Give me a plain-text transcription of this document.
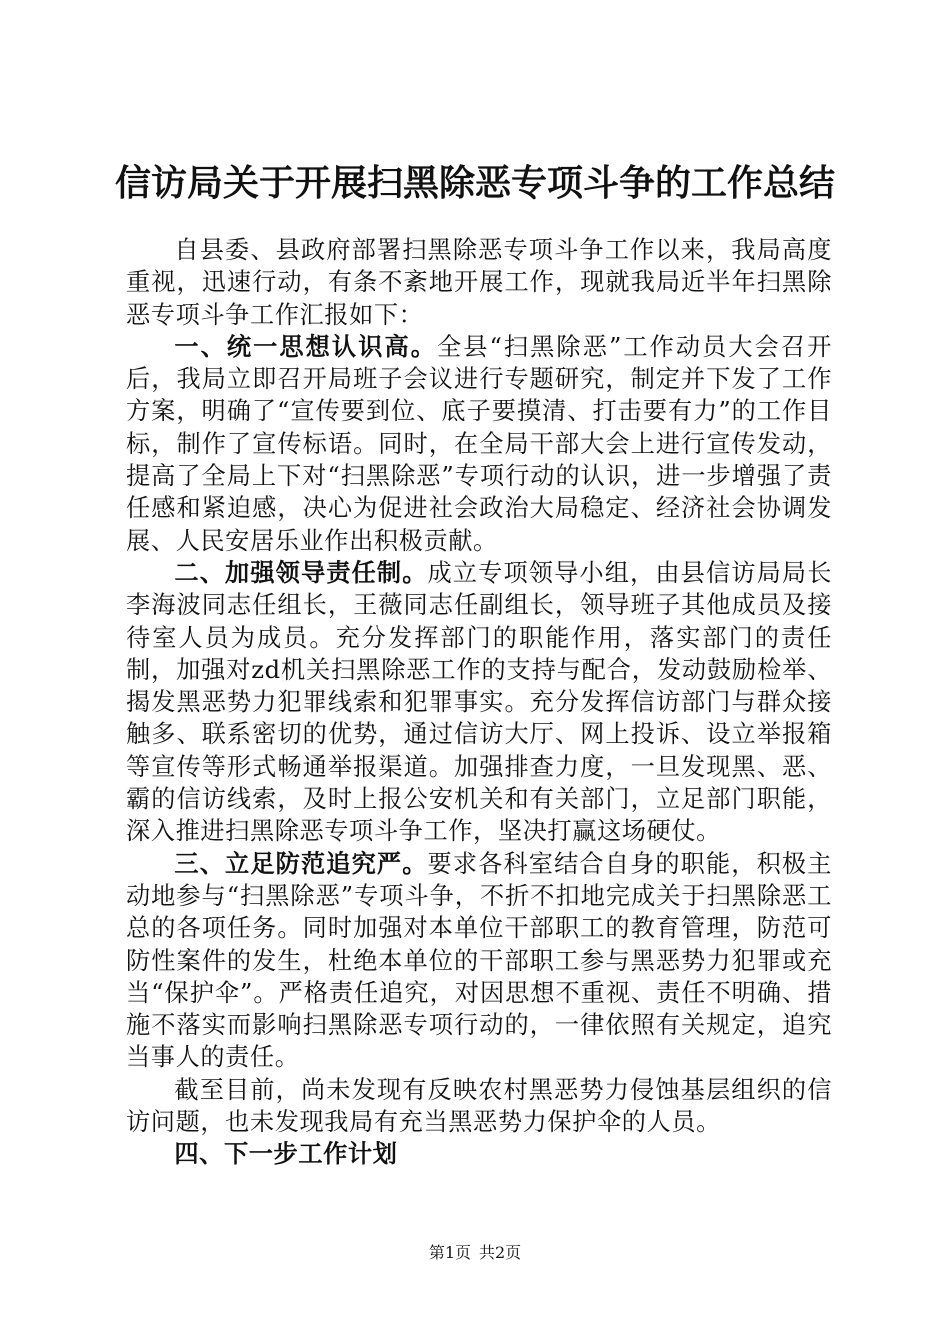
信访局关于开展扫黑除恶专项斗争的工作总结

自县委、县政府部署扫黑除恶专项斗争工作以来，我局高度重视，迅速行动，有条不紊地开展工作，现就我局近半年扫黑除恶专项斗争工作汇报如下：

一、统一思想认识高。全县“扫黑除恶”工作动员大会召开后，我局立即召开局班子会议进行专题研究，制定并下发了工作方案，明确了“宣传要到位、底子要摸清、打击要有力”的工作目标，制作了宣传标语。同时，在全局干部大会上进行宣传发动，提高了全局上下对“扫黑除恶”专项行动的认识，进一步增强了责任感和紧迫感，决心为促进社会政治大局稳定、经济社会协调发展、人民安居乐业作出积极贡献。

二、加强领导责任制。成立专项领导小组，由县信访局局长李海波同志任组长，王薇同志任副组长，领导班子其他成员及接待室人员为成员。充分发挥部门的职能作用，落实部门的责任制，加强对zd机关扫黑除恶工作的支持与配合，发动鼓励检举、揭发黑恶势力犯罪线索和犯罪事实。充分发挥信访部门与群众接触多、联系密切的优势，通过信访大厅、网上投诉、设立举报箱等宣传等形式畅通举报渠道。加强排查力度，一旦发现黑、恶、霸的信访线索，及时上报公安机关和有关部门，立足部门职能，深入推进扫黑除恶专项斗争工作，坚决打赢这场硬仗。

三、立足防范追究严。要求各科室结合自身的职能，积极主动地参与“扫黑除恶”专项斗争，不折不扣地完成关于扫黑除恶工总的各项任务。同时加强对本单位干部职工的教育管理，防范可防性案件的发生，杜绝本单位的干部职工参与黑恶势力犯罪或充当“保护伞”。严格责任追究，对因思想不重视、责任不明确、措施不落实而影响扫黑除恶专项行动的，一律依照有关规定，追究当事人的责任。

截至目前，尚未发现有反映农村黑恶势力侵蚀基层组织的信访问题，也未发现我局有充当黑恶势力保护伞的人员。

四、下一步工作计划

第1页 共2页
